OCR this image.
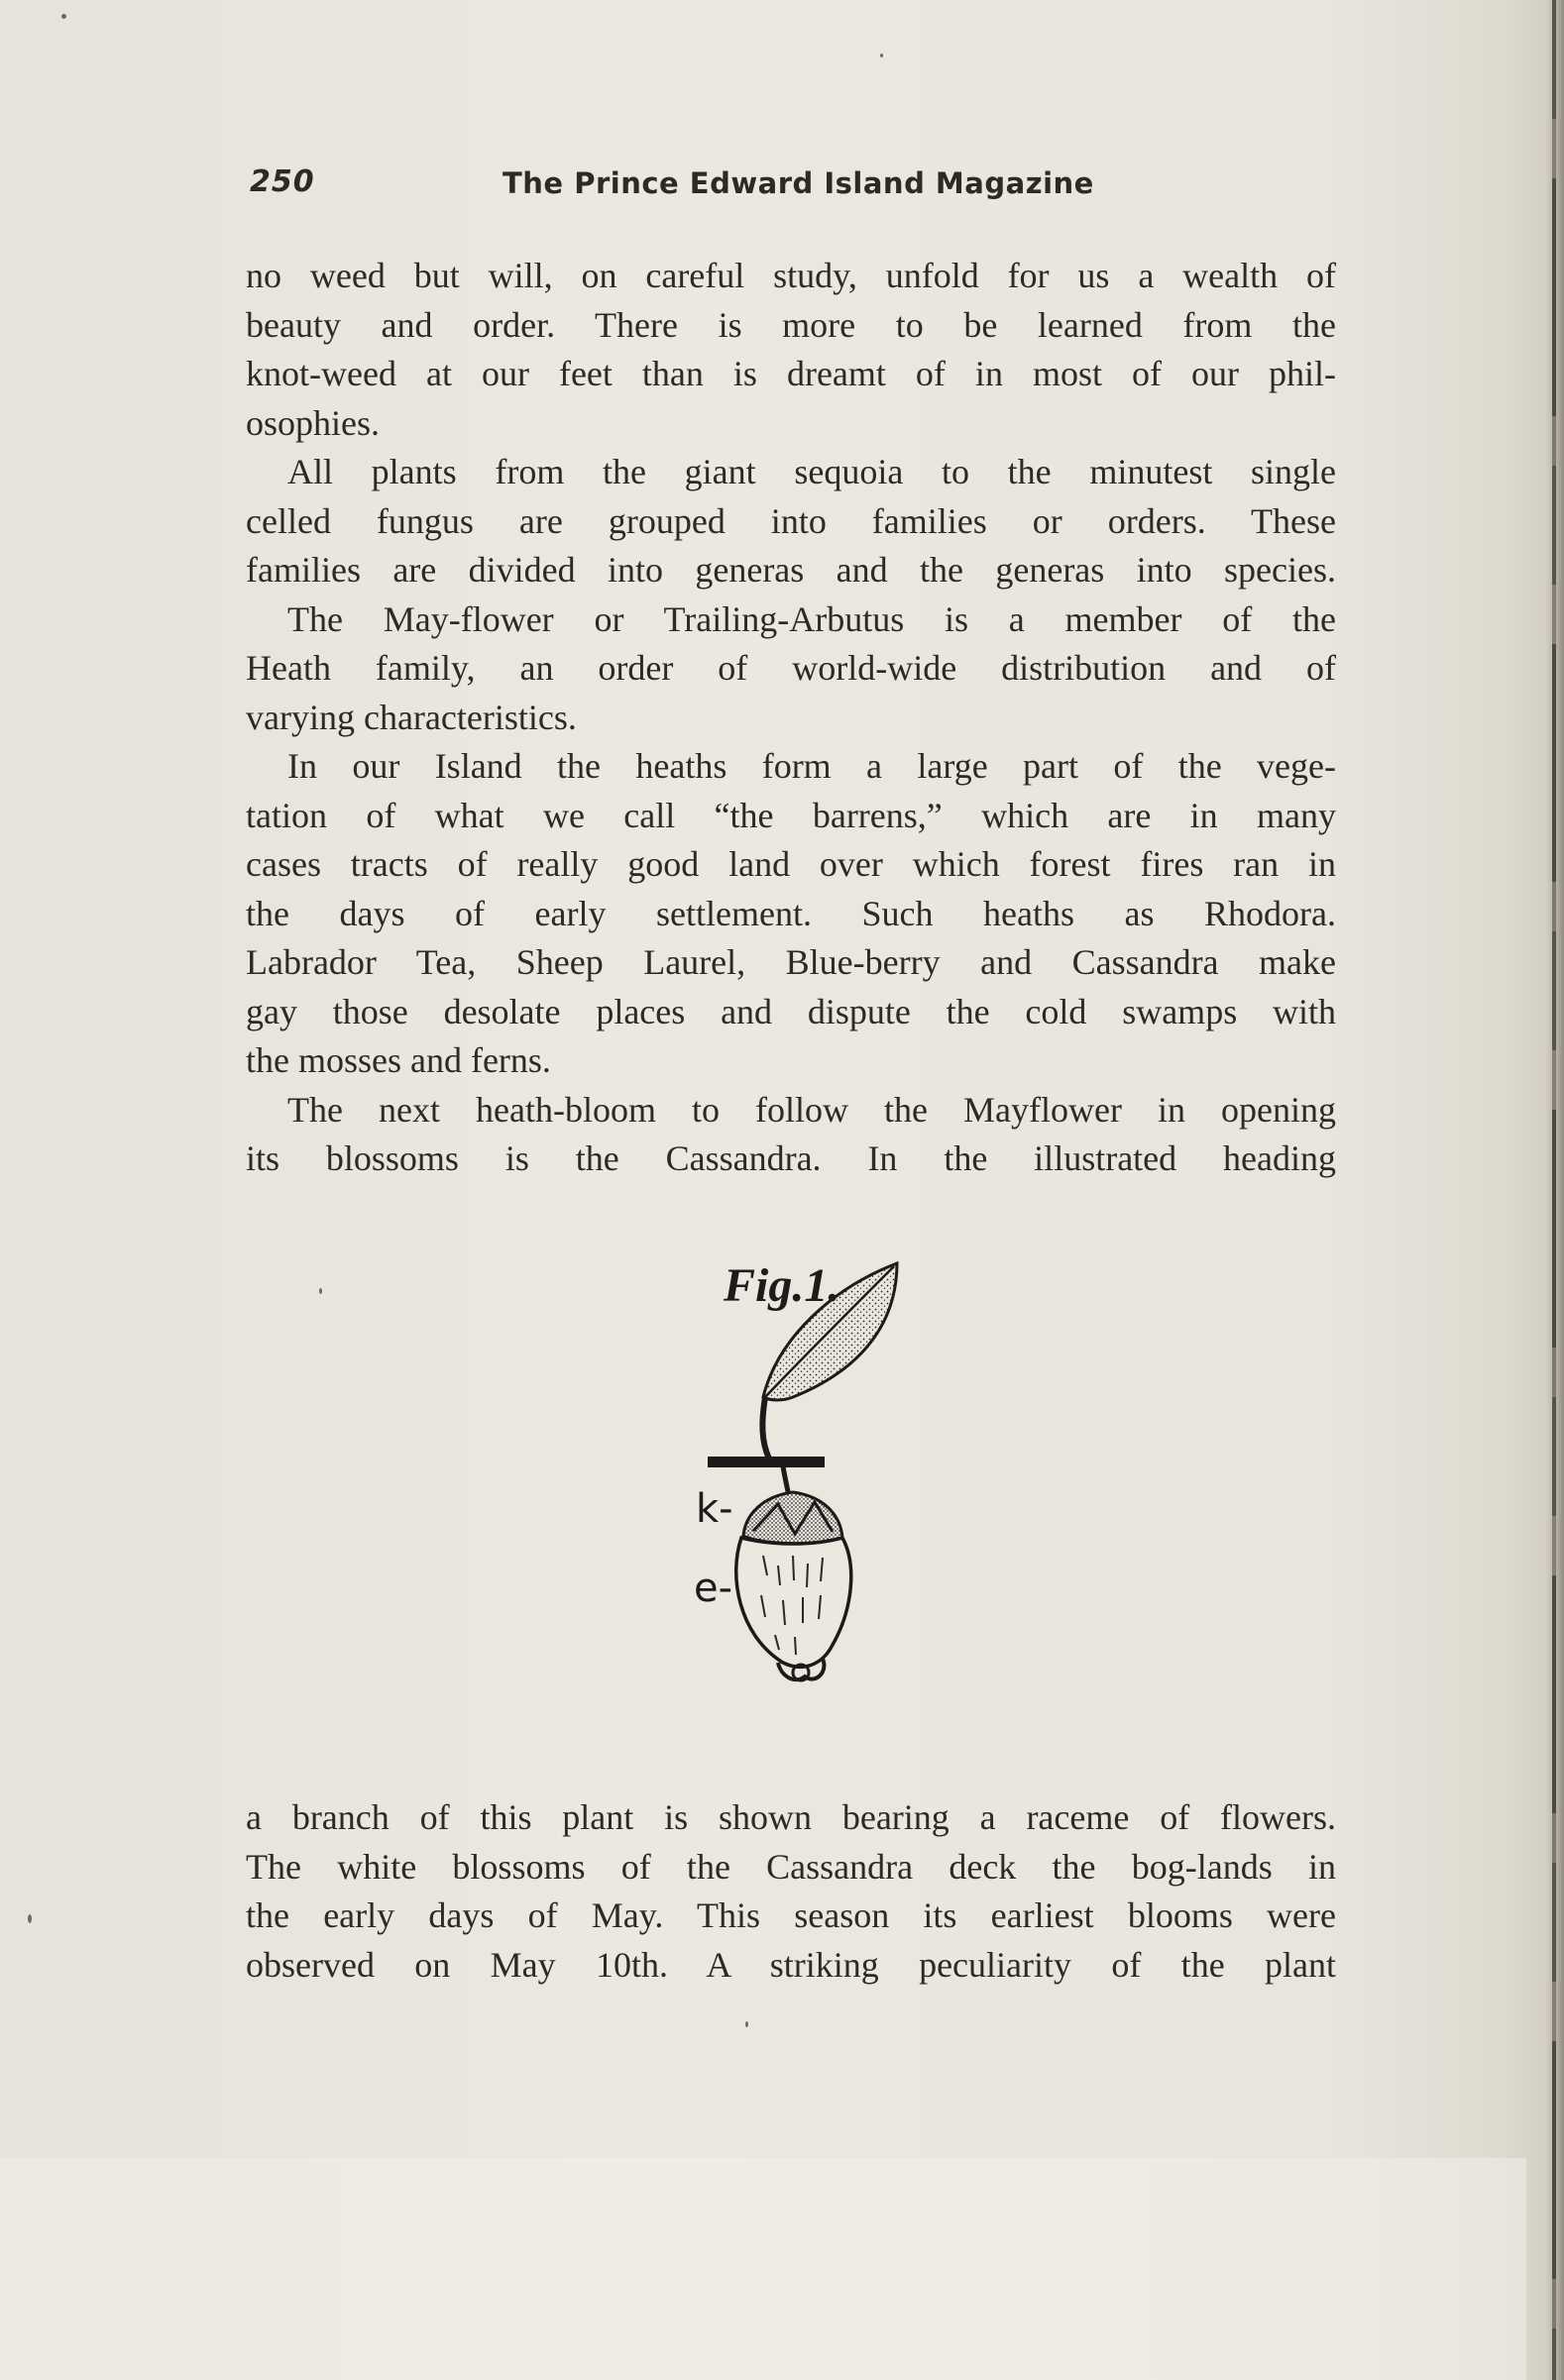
250	The Prince Edward Island Magazine
no weed but will, on careful study, unfold for us a wealth of
beauty and order. There is more to be learned from the
knot-weed at our feet than is dreamt of in most of our phil-
osophies.
All plants from the giant sequoia to the minutest single
celled fungus are grouped into families or orders. These
families are divided into generas and the generas into species.
The May-flower or Trailing-Arbutus is a member of the
Heath family, an order of world-wide distribution and of
varying characteristics.
In our Island the heaths form a large part of the vege-
tation of what we call “the barrens,” which are in many
cases tracts of really good land over which forest fires ran in
the days of early settlement. Such heaths as Rhodora.
Labrador Tea, Sheep Laurel, Blue-berry and Cassandra make
gay those desolate places and dispute the cold swamps with
the mosses and ferns.
The next heath-bloom to follow the Mayflower in opening
its blossoms is the Cassandra. In the illustrated heading
Fig.1.
k-
e-
a branch of this plant is shown bearing a raceme of flowers.
The white blossoms of the Cassandra deck the bog-lands in
the early days of May. This season its earliest blooms were
observed on May 10th. A striking peculiarity of the plant
